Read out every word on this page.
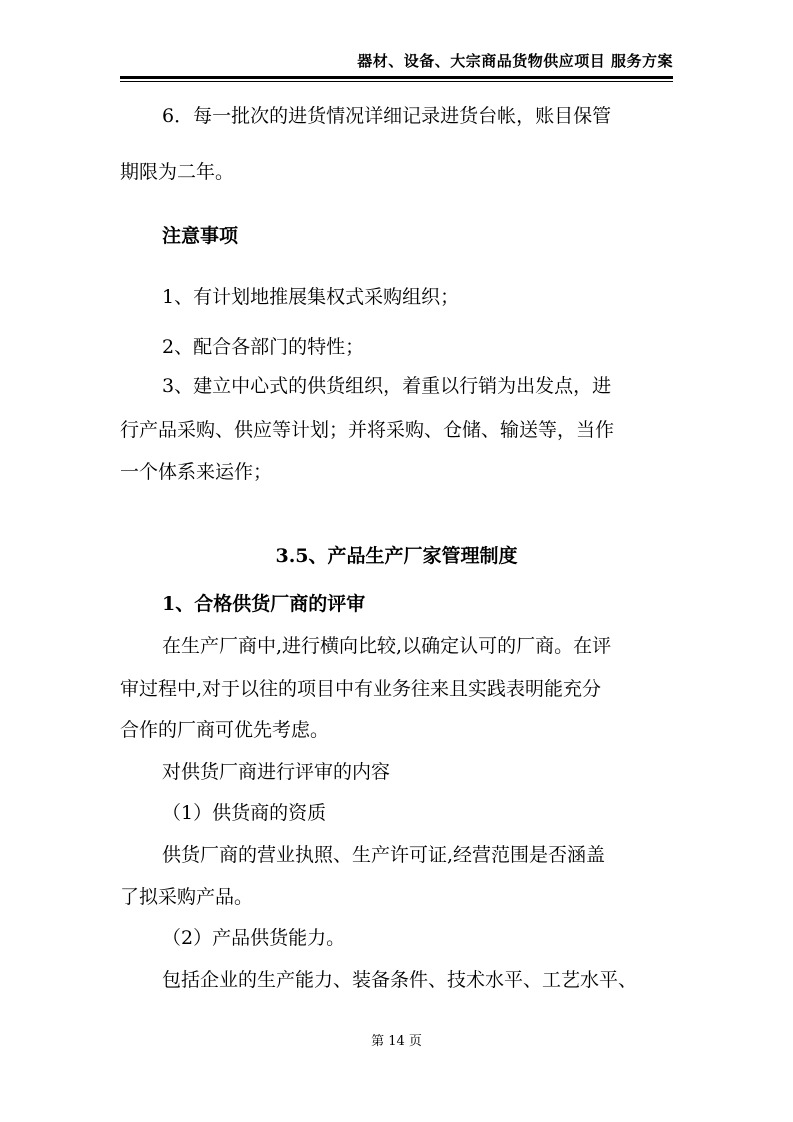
器材、设备、大宗商品货物供应项目 服务方案
6．每一批次的进货情况详细记录进货台帐，账目保管
期限为二年。
注意事项
1、有计划地推展集权式采购组织；
2、配合各部门的特性；
3、建立中心式的供货组织，着重以行销为出发点，进
行产品采购、供应等计划；并将采购、仓储、输送等，当作
一个体系来运作；
3.5、产品生产厂家管理制度
1、合格供货厂商的评审
在生产厂商中,进行横向比较,以确定认可的厂商。在评
审过程中,对于以往的项目中有业务往来且实践表明能充分
合作的厂商可优先考虑。
对供货厂商进行评审的内容
（1）供货商的资质
供货厂商的营业执照、生产许可证,经营范围是否涵盖
了拟采购产品。
（2）产品供货能力。
包括企业的生产能力、装备条件、技术水平、工艺水平、
第 14 页
